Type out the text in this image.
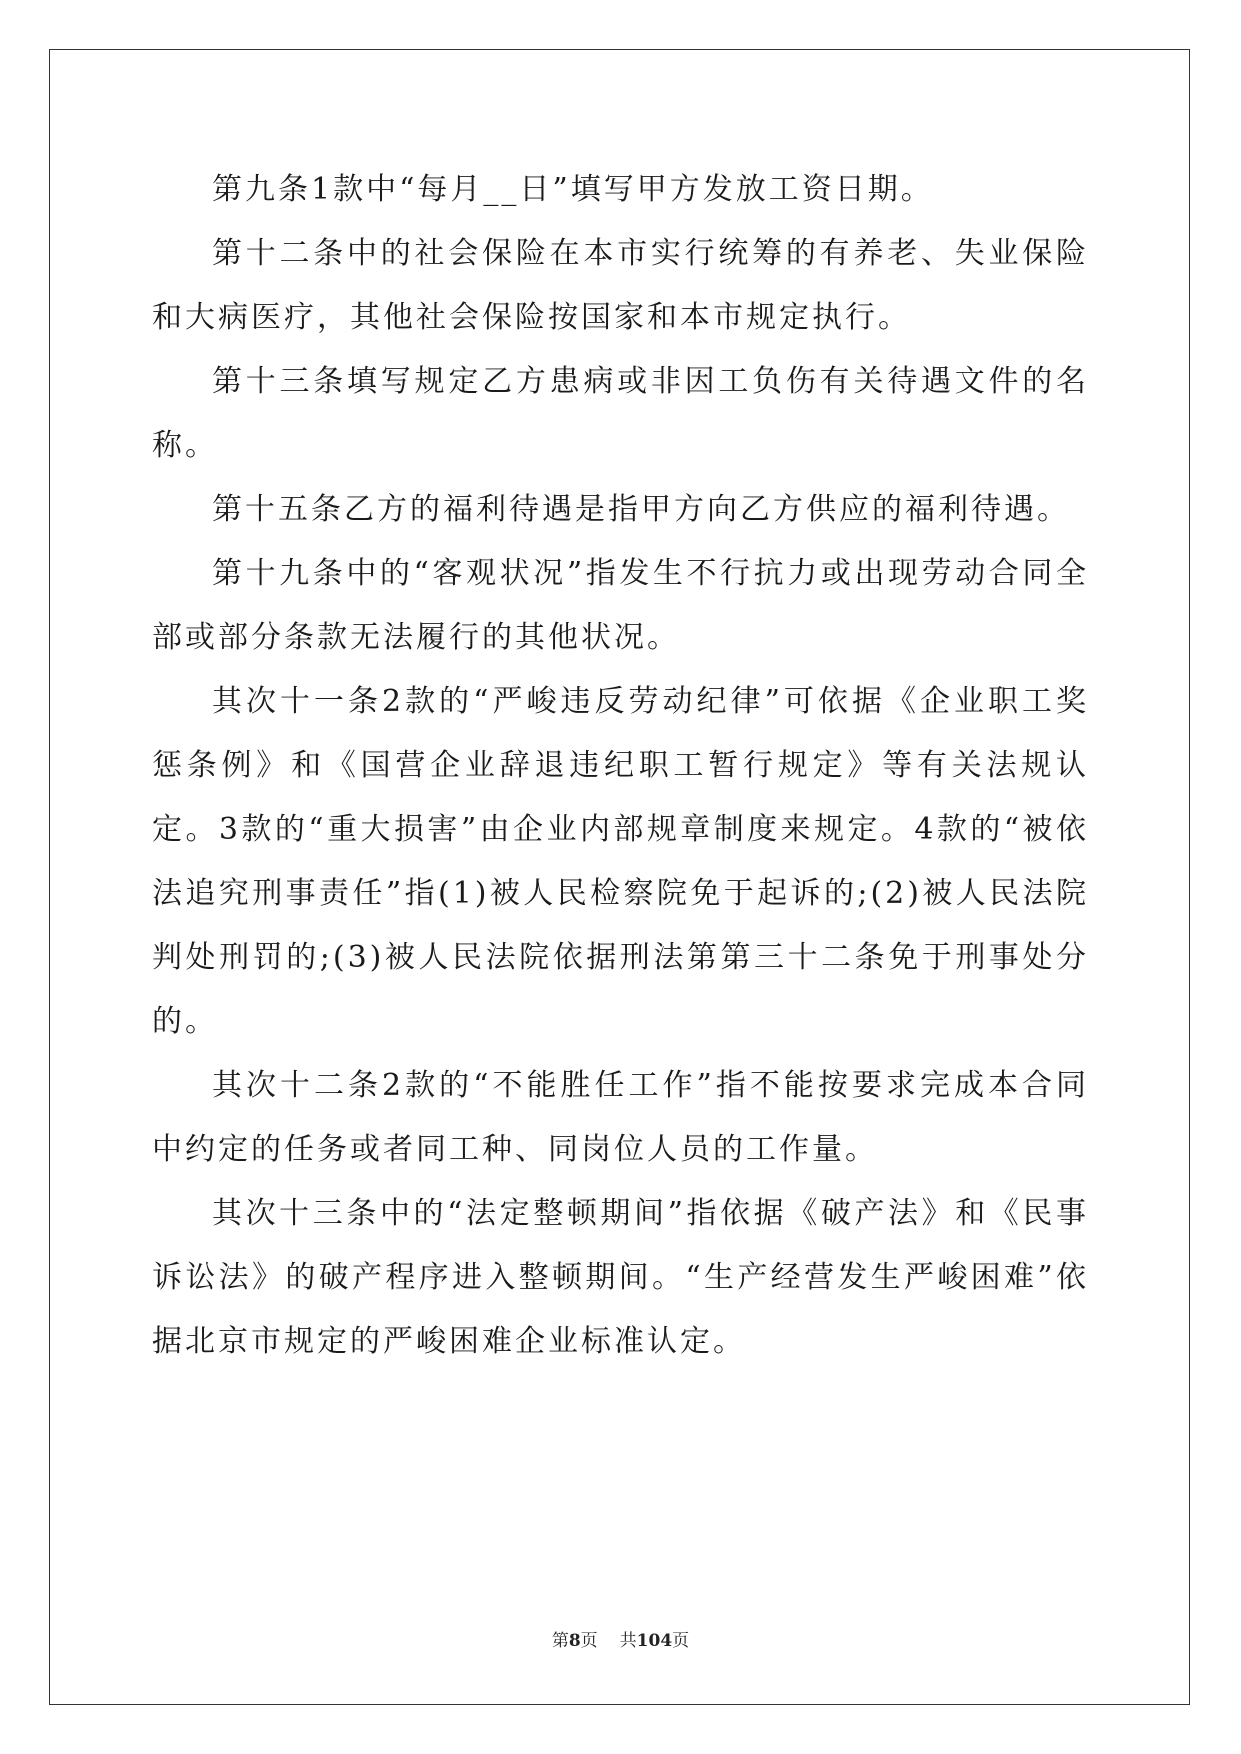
第九条1款中“每月__日”填写甲方发放工资日期。

第十二条中的社会保险在本市实行统筹的有养老、失业保险和大病医疗，其他社会保险按国家和本市规定执行。

第十三条填写规定乙方患病或非因工负伤有关待遇文件的名称。

第十五条乙方的福利待遇是指甲方向乙方供应的福利待遇。

第十九条中的“客观状况”指发生不行抗力或出现劳动合同全部或部分条款无法履行的其他状况。

其次十一条2款的“严峻违反劳动纪律”可依据《企业职工奖惩条例》和《国营企业辞退违纪职工暂行规定》等有关法规认定。3款的“重大损害”由企业内部规章制度来规定。4款的“被依法追究刑事责任”指(1)被人民检察院免于起诉的;(2)被人民法院判处刑罚的;(3)被人民法院依据刑法第第三十二条免于刑事处分的。

其次十二条2款的“不能胜任工作”指不能按要求完成本合同中约定的任务或者同工种、同岗位人员的工作量。

其次十三条中的“法定整顿期间”指依据《破产法》和《民事诉讼法》的破产程序进入整顿期间。“生产经营发生严峻困难”依据北京市规定的严峻困难企业标准认定。

第8页 共104页
